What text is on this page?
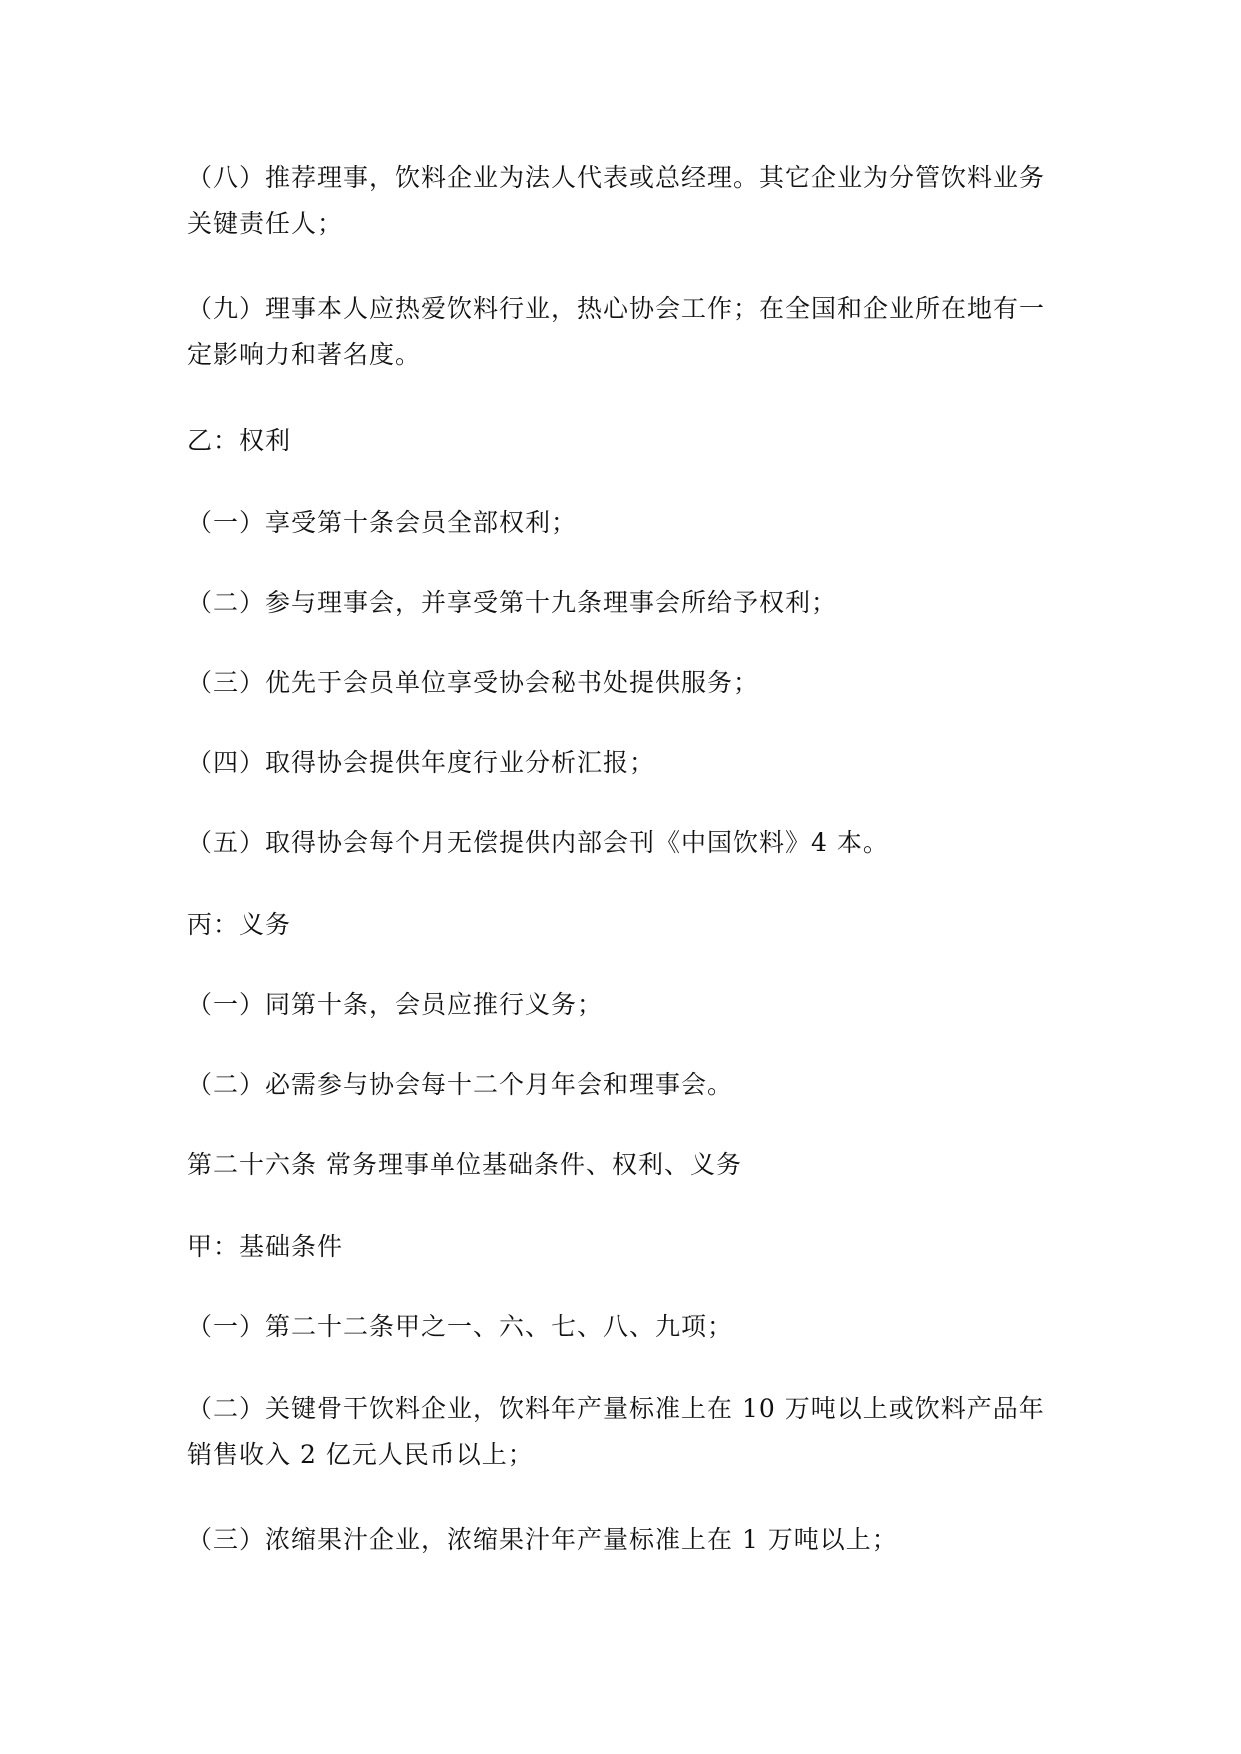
（八）推荐理事，饮料企业为法人代表或总经理。其它企业为分管饮料业务关键责任人；

（九）理事本人应热爱饮料行业，热心协会工作；在全国和企业所在地有一定影响力和著名度。

乙：权利

（一）享受第十条会员全部权利；

（二）参与理事会，并享受第十九条理事会所给予权利；

（三）优先于会员单位享受协会秘书处提供服务；

（四）取得协会提供年度行业分析汇报；

（五）取得协会每个月无偿提供内部会刊《中国饮料》4 本。

丙：义务

（一）同第十条，会员应推行义务；

（二）必需参与协会每十二个月年会和理事会。

第二十六条 常务理事单位基础条件、权利、义务

甲：基础条件

（一）第二十二条甲之一、六、七、八、九项；

（二）关键骨干饮料企业，饮料年产量标准上在 10 万吨以上或饮料产品年销售收入 2 亿元人民币以上；

（三）浓缩果汁企业，浓缩果汁年产量标准上在 1 万吨以上；
